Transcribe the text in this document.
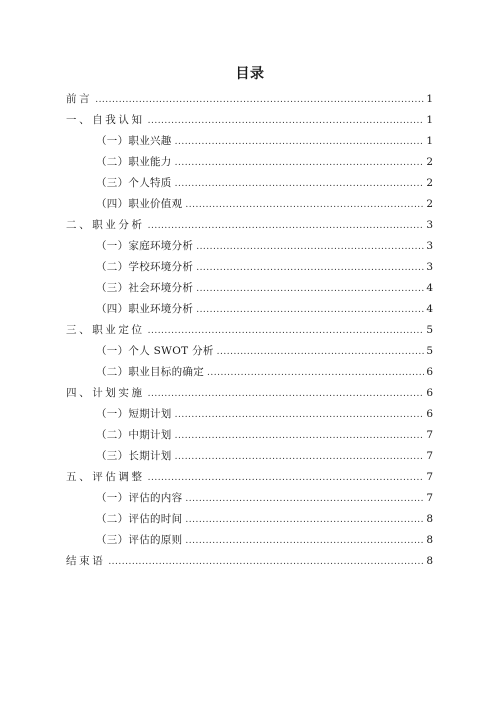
目录
前言 .....	1
一、自我认知 .....	1
（一）职业兴趣 .....	1
（二）职业能力 .....	2
（三）个人特质 .....	2
（四）职业价值观 .....	2
二、职业分析 .....	3
（一）家庭环境分析 .....	3
（二）学校环境分析 .....	3
（三）社会环境分析 .....	4
（四）职业环境分析 .....	4
三、职业定位 .....	5
（一）个人 SWOT 分析 .....	5
（二）职业目标的确定 .....	6
四、计划实施 .....	6
（一）短期计划 .....	6
（二）中期计划 .....	7
（三）长期计划 .....	7
五、评估调整 .....	7
（一）评估的内容 .....	7
（二）评估的时间 .....	8
（三）评估的原则 .....	8
结束语 .....	8
